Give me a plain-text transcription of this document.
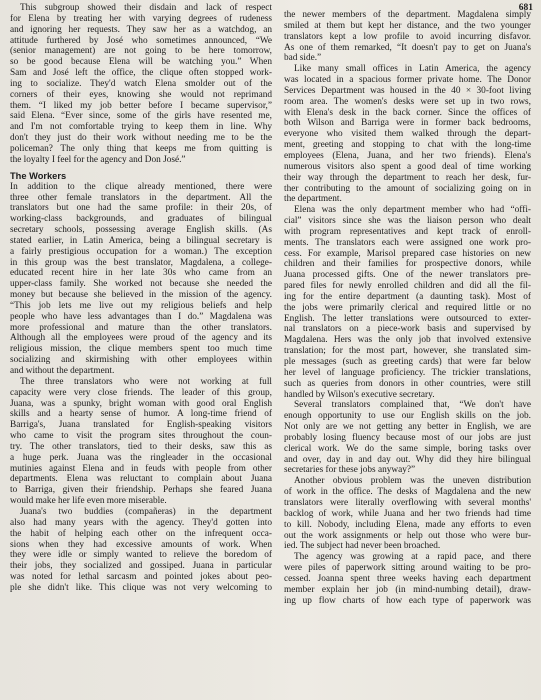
681
This subgroup showed their disdain and lack of respect
for Elena by treating her with varying degrees of rudeness
and ignoring her requests. They saw her as a watchdog, an
attitude furthered by José who sometimes announced, “We
(senior management) are not going to be here tomorrow,
so be good because Elena will be watching you.” When
Sam and José left the office, the clique often stopped work-
ing to socialize. They'd watch Elena smolder out of the
corners of their eyes, knowing she would not reprimand
them. “I liked my job better before I became supervisor,”
said Elena. “Ever since, some of the girls have resented me,
and I'm not comfortable trying to keep them in line. Why
don't they just do their work without needing me to be the
policeman? The only thing that keeps me from quitting is
the loyalty I feel for the agency and Don José.”
The Workers
In addition to the clique already mentioned, there were
three other female translators in the department. All the
translators but one had the same profile: in their 20s, of
working-class backgrounds, and graduates of bilingual
secretary schools, possessing average English skills. (As
stated earlier, in Latin America, being a bilingual secretary is
a fairly prestigious occupation for a woman.) The exception
in this group was the best translator, Magdalena, a college-
educated recent hire in her late 30s who came from an
upper-class family. She worked not because she needed the
money but because she believed in the mission of the agency.
“This job lets me live out my religious beliefs and help
people who have less advantages than I do.” Magdalena was
more professional and mature than the other translators.
Although all the employees were proud of the agency and its
religious mission, the clique members spent too much time
socializing and skirmishing with other employees within
and without the department.
The three translators who were not working at full
capacity were very close friends. The leader of this group,
Juana, was a spunky, bright woman with good oral English
skills and a hearty sense of humor. A long-time friend of
Barriga's, Juana translated for English-speaking visitors
who came to visit the program sites throughout the coun-
try. The other translators, tied to their desks, saw this as
a huge perk. Juana was the ringleader in the occasional
mutinies against Elena and in feuds with people from other
departments. Elena was reluctant to complain about Juana
to Barriga, given their friendship. Perhaps she feared Juana
would make her life even more miserable.
Juana's two buddies (compañeras) in the department
also had many years with the agency. They'd gotten into
the habit of helping each other on the infrequent occa-
sions when they had excessive amounts of work. When
they were idle or simply wanted to relieve the boredom of
their jobs, they socialized and gossiped. Juana in particular
was noted for lethal sarcasm and pointed jokes about peo-
ple she didn't like. This clique was not very welcoming to
the newer members of the department. Magdalena simply
smiled at them but kept her distance, and the two younger
translators kept a low profile to avoid incurring disfavor.
As one of them remarked, “It doesn't pay to get on Juana's
bad side.”
Like many small offices in Latin America, the agency
was located in a spacious former private home. The Donor
Services Department was housed in the 40 × 30-foot living
room area. The women's desks were set up in two rows,
with Elena's desk in the back corner. Since the offices of
both Wilson and Barriga were in former back bedrooms,
everyone who visited them walked through the depart-
ment, greeting and stopping to chat with the long-time
employees (Elena, Juana, and her two friends). Elena's
numerous visitors also spent a good deal of time working
their way through the department to reach her desk, fur-
ther contributing to the amount of socializing going on in
the department.
Elena was the only department member who had “offi-
cial” visitors since she was the liaison person who dealt
with program representatives and kept track of enroll-
ments. The translators each were assigned one work pro-
cess. For example, Marisol prepared case histories on new
children and their families for prospective donors, while
Juana processed gifts. One of the newer translators pre-
pared files for newly enrolled children and did all the fil-
ing for the entire department (a daunting task). Most of
the jobs were primarily clerical and required little or no
English. The letter translations were outsourced to exter-
nal translators on a piece-work basis and supervised by
Magdalena. Hers was the only job that involved extensive
translation; for the most part, however, she translated sim-
ple messages (such as greeting cards) that were far below
her level of language proficiency. The trickier translations,
such as queries from donors in other countries, were still
handled by Wilson's executive secretary.
Several translators complained that, “We don't have
enough opportunity to use our English skills on the job.
Not only are we not getting any better in English, we are
probably losing fluency because most of our jobs are just
clerical work. We do the same simple, boring tasks over
and over, day in and day out. Why did they hire bilingual
secretaries for these jobs anyway?”
Another obvious problem was the uneven distribution
of work in the office. The desks of Magdalena and the new
translators were literally overflowing with several months'
backlog of work, while Juana and her two friends had time
to kill. Nobody, including Elena, made any efforts to even
out the work assignments or help out those who were bur-
ied. The subject had never been broached.
The agency was growing at a rapid pace, and there
were piles of paperwork sitting around waiting to be pro-
cessed. Joanna spent three weeks having each department
member explain her job (in mind-numbing detail), draw-
ing up flow charts of how each type of paperwork was
